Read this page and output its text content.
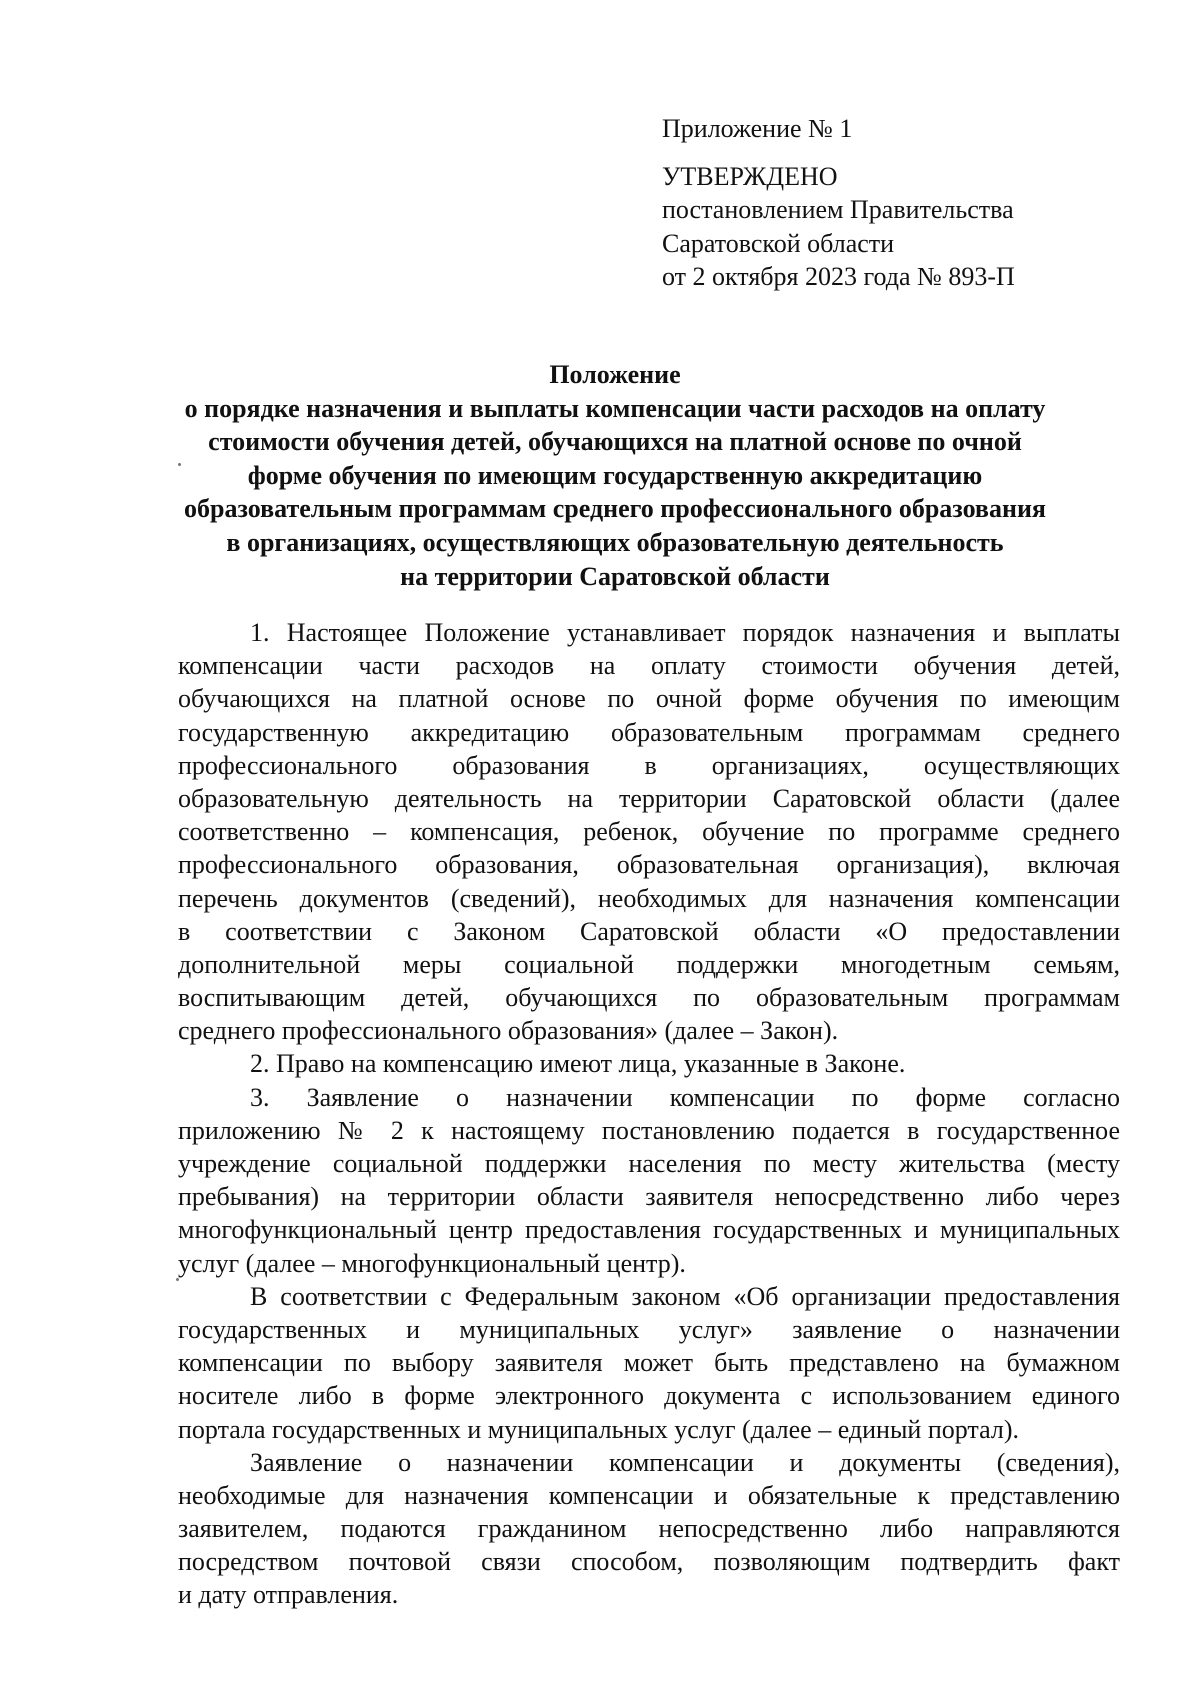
Приложение № 1
УТВЕРЖДЕНО
постановлением Правительства
Саратовской области
от 2 октября 2023 года № 893-П
Положение
о порядке назначения и выплаты компенсации части расходов на оплату
стоимости обучения детей, обучающихся на платной основе по очной
форме обучения по имеющим государственную аккредитацию
образовательным программам среднего профессионального образования
в организациях, осуществляющих образовательную деятельность
на территории Саратовской области
1. Настоящее Положение устанавливает порядок назначения и выплаты
компенсации части расходов на оплату стоимости обучения детей,
обучающихся на платной основе по очной форме обучения по имеющим
государственную аккредитацию образовательным программам среднего
профессионального образования в организациях, осуществляющих
образовательную деятельность на территории Саратовской области (далее
соответственно – компенсация, ребенок, обучение по программе среднего
профессионального образования, образовательная организация), включая
перечень документов (сведений), необходимых для назначения компенсации
в соответствии с Законом Саратовской области «О предоставлении
дополнительной меры социальной поддержки многодетным семьям,
воспитывающим детей, обучающихся по образовательным программам
среднего профессионального образования» (далее – Закон).
2. Право на компенсацию имеют лица, указанные в Законе.
3. Заявление о назначении компенсации по форме согласно
приложению № 2 к настоящему постановлению подается в государственное
учреждение социальной поддержки населения по месту жительства (месту
пребывания) на территории области заявителя непосредственно либо через
многофункциональный центр предоставления государственных и муниципальных
услуг (далее – многофункциональный центр).
В соответствии с Федеральным законом «Об организации предоставления
государственных и муниципальных услуг» заявление о назначении
компенсации по выбору заявителя может быть представлено на бумажном
носителе либо в форме электронного документа с использованием единого
портала государственных и муниципальных услуг (далее – единый портал).
Заявление о назначении компенсации и документы (сведения),
необходимые для назначения компенсации и обязательные к представлению
заявителем, подаются гражданином непосредственно либо направляются
посредством почтовой связи способом, позволяющим подтвердить факт
и дату отправления.
